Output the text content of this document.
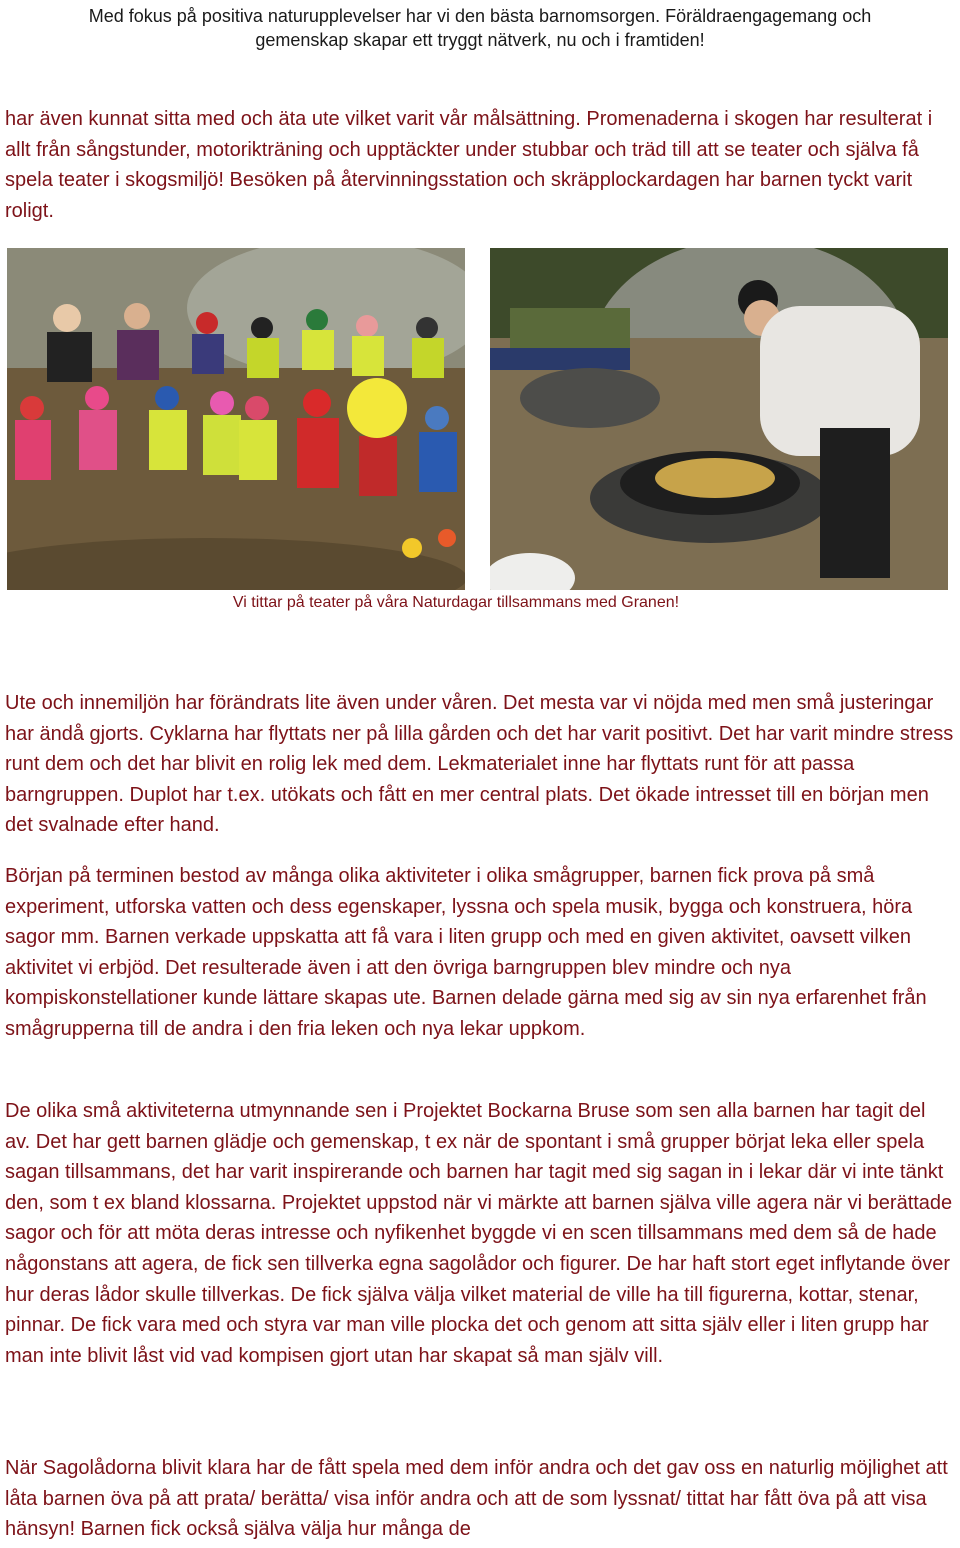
Med fokus på positiva naturupplevelser har vi den bästa barnomsorgen. Föräldraengagemang och
gemenskap skapar ett tryggt nätverk, nu och i framtiden!

har även kunnat sitta med och äta ute vilket varit vår målsättning. Promenaderna i skogen har resulterat i allt från sångstunder, motorikträning och upptäckter under stubbar och träd till att se teater och själva få spela teater i skogsmiljö! Besöken på återvinningsstation och skräpplockardagen har barnen tyckt varit roligt.

Vi tittar på teater på våra Naturdagar tillsammans med Granen!

Ute och innemiljön har förändrats lite även under våren. Det mesta var vi nöjda med men små justeringar har ändå gjorts. Cyklarna har flyttats ner på lilla gården och det har varit positivt. Det har varit mindre stress runt dem och det har blivit en rolig lek med dem. Lekmaterialet inne har flyttats runt för att passa barngruppen. Duplot har t.ex. utökats och fått en mer central plats. Det ökade intresset till en början men det svalnade efter hand.

Början på terminen bestod av många olika aktiviteter i olika smågrupper, barnen fick prova på små experiment, utforska vatten och dess egenskaper, lyssna och spela musik, bygga och konstruera, höra sagor mm. Barnen verkade uppskatta att få vara i liten grupp och med en given aktivitet, oavsett vilken aktivitet vi erbjöd. Det resulterade även i att den övriga barngruppen blev mindre och nya kompiskonstellationer kunde lättare skapas ute. Barnen delade gärna med sig av sin nya erfarenhet från smågrupperna till de andra i den fria leken och nya lekar uppkom.

De olika små aktiviteterna utmynnande sen i Projektet Bockarna Bruse som sen alla barnen har tagit del av. Det har gett barnen glädje och gemenskap, t ex när de spontant i små grupper börjat leka eller spela sagan tillsammans, det har varit inspirerande och barnen har tagit med sig sagan in i lekar där vi inte tänkt den, som t ex bland klossarna. Projektet uppstod när vi märkte att barnen själva ville agera när vi berättade sagor och för att möta deras intresse och nyfikenhet byggde vi en scen tillsammans med dem så de hade någonstans att agera, de fick sen tillverka egna sagolådor och figurer. De har haft stort eget inflytande över hur deras lådor skulle tillverkas. De fick själva välja vilket material de ville ha till figurerna, kottar, stenar, pinnar. De fick vara med och styra var man ville plocka det och genom att sitta själv eller i liten grupp har man inte blivit låst vid vad kompisen gjort utan har skapat så man själv vill.

När Sagolådorna blivit klara har de fått spela med dem inför andra och det gav oss en naturlig möjlighet att låta barnen öva på att prata/ berätta/ visa inför andra och att de som lyssnat/ tittat har fått öva på att visa hänsyn! Barnen fick också själva välja hur många de
